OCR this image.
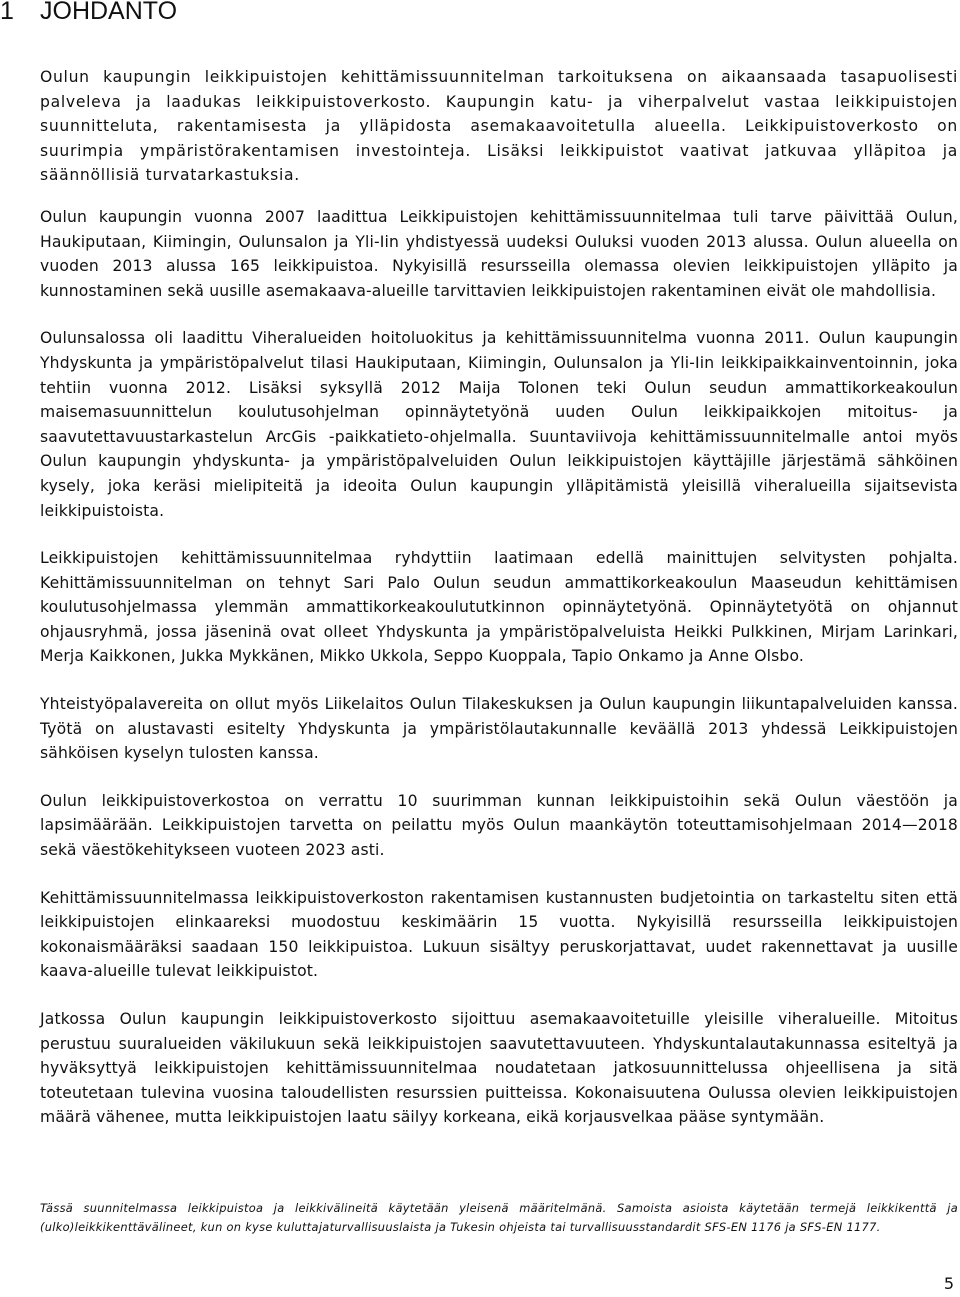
1 JOHDANTO

Oulun kaupungin leikkipuistojen kehittämissuunnitelman tarkoituksena on aikaansaada tasapuolisesti palveleva ja laadukas leikkipuistoverkosto. Kaupungin katu- ja viherpalvelut vastaa leikkipuistojen suunnitteluta, rakentamisesta ja ylläpidosta asemakaavoitetulla alueella. Leikkipuistoverkosto on suurimpia ympäristörakentamisen investointeja. Lisäksi leikkipuistot vaativat jatkuvaa ylläpitoa ja säännöllisiä turvatarkastuksia.

Oulun kaupungin vuonna 2007 laadittua Leikkipuistojen kehittämissuunnitelmaa tuli tarve päivittää Oulun, Haukiputaan, Kiimingin, Oulunsalon ja Yli-Iin yhdistyessä uudeksi Ouluksi vuoden 2013 alussa. Oulun alueella on vuoden 2013 alussa 165 leikkipuistoa. Nykyisillä resursseilla olemassa olevien leikkipuistojen ylläpito ja kunnostaminen sekä uusille asemakaava-alueille tarvittavien leikkipuistojen rakentaminen eivät ole mahdollisia.

Oulunsalossa oli laadittu Viheralueiden hoitoluokitus ja kehittämissuunnitelma vuonna 2011. Oulun kaupungin Yhdyskunta ja ympäristöpalvelut tilasi Haukiputaan, Kiimingin, Oulunsalon ja Yli-Iin leikkipaikkainventoinnin, joka tehtiin vuonna 2012. Lisäksi syksyllä 2012 Maija Tolonen teki Oulun seudun ammattikorkeakoulun maisemasuunnittelun koulutusohjelman opinnäytetyönä uuden Oulun leikkipaikkojen mitoitus- ja saavutettavuustarkastelun ArcGis -paikkatieto-ohjelmalla. Suuntaviivoja kehittämissuunnitelmalle antoi myös Oulun kaupungin yhdyskunta- ja ympäristöpalveluiden Oulun leikkipuistojen käyttäjille järjestämä sähköinen kysely, joka keräsi mielipiteitä ja ideoita Oulun kaupungin ylläpitämistä yleisillä viheralueilla sijaitsevista leikkipuistoista.

Leikkipuistojen kehittämissuunnitelmaa ryhdyttiin laatimaan edellä mainittujen selvitysten pohjalta. Kehittämissuunnitelman on tehnyt Sari Palo Oulun seudun ammattikorkeakoulun Maaseudun kehittämisen koulutusohjelmassa ylemmän ammattikorkeakoulututkinnon opinnäytetyönä. Opinnäytetyötä on ohjannut ohjausryhmä, jossa jäseninä ovat olleet Yhdyskunta ja ympäristöpalveluista Heikki Pulkkinen, Mirjam Larinkari, Merja Kaikkonen, Jukka Mykkänen, Mikko Ukkola, Seppo Kuoppala, Tapio Onkamo ja Anne Olsbo.

Yhteistyöpalavereita on ollut myös Liikelaitos Oulun Tilakeskuksen ja Oulun kaupungin liikuntapalveluiden kanssa. Työtä on alustavasti esitelty Yhdyskunta ja ympäristölautakunnalle keväällä 2013 yhdessä Leikkipuistojen sähköisen kyselyn tulosten kanssa.

Oulun leikkipuistoverkostoa on verrattu 10 suurimman kunnan leikkipuistoihin sekä Oulun väestöön ja lapsimäärään. Leikkipuistojen tarvetta on peilattu myös Oulun maankäytön toteuttamisohjelmaan 2014—2018 sekä väestökehitykseen vuoteen 2023 asti.

Kehittämissuunnitelmassa leikkipuistoverkoston rakentamisen kustannusten budjetointia on tarkasteltu siten että leikkipuistojen elinkaareksi muodostuu keskimäärin 15 vuotta. Nykyisillä resursseilla leikkipuistojen kokonaismääräksi saadaan 150 leikkipuistoa. Lukuun sisältyy peruskorjattavat, uudet rakennettavat ja uusille kaava-alueille tulevat leikkipuistot.

Jatkossa Oulun kaupungin leikkipuistoverkosto sijoittuu asemakaavoitetuille yleisille viheralueille. Mitoitus perustuu suuralueiden väkilukuun sekä leikkipuistojen saavutettavuuteen. Yhdyskuntalautakunnassa esiteltyä ja hyväksyttyä leikkipuistojen kehittämissuunnitelmaa noudatetaan jatkosuunnittelussa ohjeellisena ja sitä toteutetaan tulevina vuosina taloudellisten resurssien puitteissa. Kokonaisuutena Oulussa olevien leikkipuistojen määrä vähenee, mutta leikkipuistojen laatu säilyy korkeana, eikä korjausvelkaa pääse syntymään.

Tässä suunnitelmassa leikkipuistoa ja leikkivälineitä käytetään yleisenä määritelmänä. Samoista asioista käytetään termejä leikkikenttä ja (ulko)leikkikenttävälineet, kun on kyse kuluttajaturvallisuuslaista ja Tukesin ohjeista tai turvallisuusstandardit SFS-EN 1176 ja SFS-EN 1177.

5
